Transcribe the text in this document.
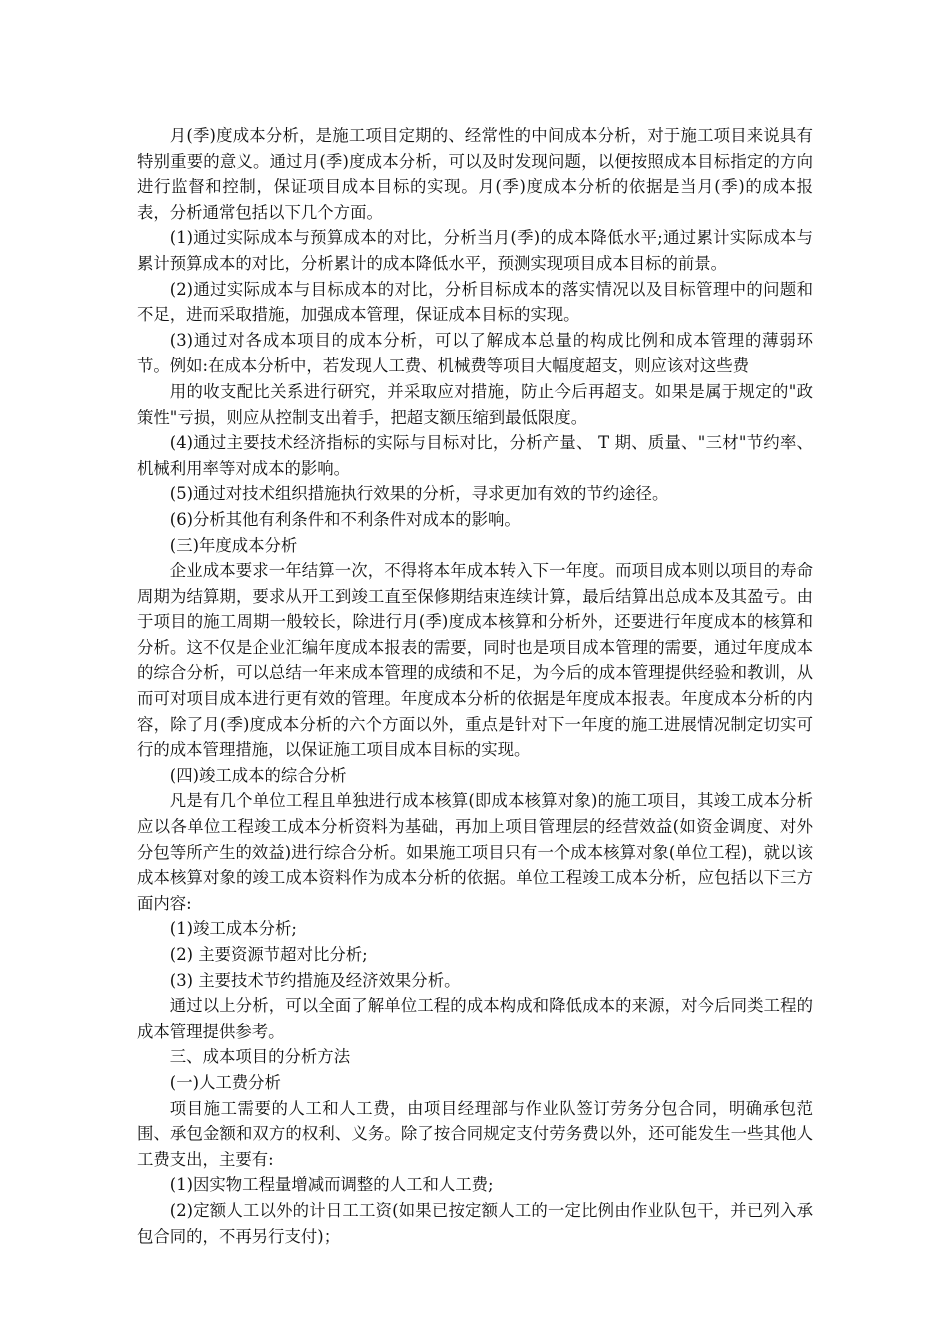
月(季)度成本分析，是施工项目定期的、经常性的中间成本分析，对于施工项目来说具有特别重要的意义。通过月(季)度成本分析，可以及时发现问题，以便按照成本目标指定的方向进行监督和控制，保证项目成本目标的实现。月(季)度成本分析的依据是当月(季)的成本报表，分析通常包括以下几个方面。

(1)通过实际成本与预算成本的对比，分析当月(季)的成本降低水平;通过累计实际成本与累计预算成本的对比，分析累计的成本降低水平，预测实现项目成本目标的前景。

(2)通过实际成本与目标成本的对比，分析目标成本的落实情况以及目标管理中的问题和不足，进而采取措施，加强成本管理，保证成本目标的实现。

(3)通过对各成本项目的成本分析，可以了解成本总量的构成比例和成本管理的薄弱环节。例如:在成本分析中，若发现人工费、机械费等项目大幅度超支，则应该对这些费

用的收支配比关系进行研究，并采取应对措施，防止今后再超支。如果是属于规定的"政策性"亏损，则应从控制支出着手，把超支额压缩到最低限度。

(4)通过主要技术经济指标的实际与目标对比，分析产量、 T 期、质量、"三材"节约率、机械利用率等对成本的影响。

(5)通过对技术组织措施执行效果的分析，寻求更加有效的节约途径。

(6)分析其他有利条件和不利条件对成本的影响。

(三)年度成本分析

企业成本要求一年结算一次，不得将本年成本转入下一年度。而项目成本则以项目的寿命周期为结算期，要求从开工到竣工直至保修期结束连续计算，最后结算出总成本及其盈亏。由于项目的施工周期一般较长，除进行月(季)度成本核算和分析外，还要进行年度成本的核算和分析。这不仅是企业汇编年度成本报表的需要，同时也是项目成本管理的需要，通过年度成本的综合分析，可以总结一年来成本管理的成绩和不足，为今后的成本管理提供经验和教训，从而可对项目成本进行更有效的管理。年度成本分析的依据是年度成本报表。年度成本分析的内容，除了月(季)度成本分析的六个方面以外，重点是针对下一年度的施工进展情况制定切实可行的成本管理措施，以保证施工项目成本目标的实现。

(四)竣工成本的综合分析

凡是有几个单位工程且单独进行成本核算(即成本核算对象)的施工项目，其竣工成本分析应以各单位工程竣工成本分析资料为基础，再加上项目管理层的经营效益(如资金调度、对外分包等所产生的效益)进行综合分析。如果施工项目只有一个成本核算对象(单位工程)，就以该成本核算对象的竣工成本资料作为成本分析的依据。单位工程竣工成本分析，应包括以下三方面内容:

(1)竣工成本分析;

(2) 主要资源节超对比分析;

(3) 主要技术节约措施及经济效果分析。

通过以上分析，可以全面了解单位工程的成本构成和降低成本的来源，对今后同类工程的成本管理提供参考。

三、成本项目的分析方法

(一)人工费分析

项目施工需要的人工和人工费，由项目经理部与作业队签订劳务分包合同，明确承包范围、承包金额和双方的权利、义务。除了按合同规定支付劳务费以外，还可能发生一些其他人工费支出，主要有:

(1)因实物工程量增减而调整的人工和人工费;

(2)定额人工以外的计日工工资(如果已按定额人工的一定比例由作业队包干，并已列入承包合同的，不再另行支付)；
